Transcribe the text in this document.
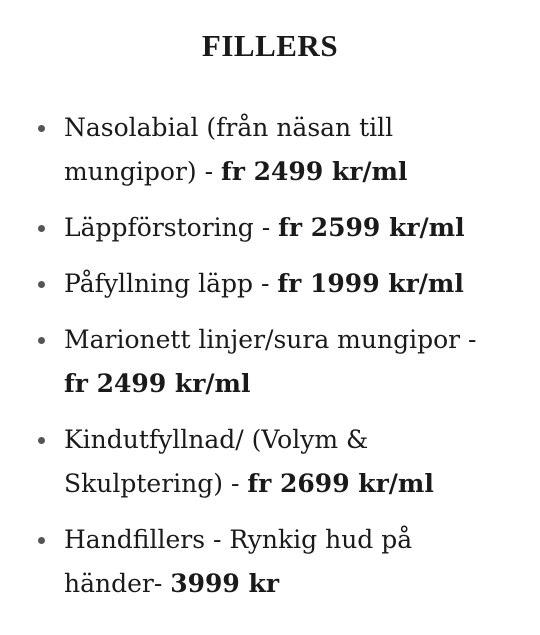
FILLERS
Nasolabial (från näsan till mungipor) - fr 2499 kr/ml
Läppförstoring - fr 2599 kr/ml
Påfyllning läpp - fr 1999 kr/ml
Marionett linjer/sura mungipor - fr 2499 kr/ml
Kindutfyllnad/ (Volym & Skulptering) - fr 2699 kr/ml
Handfillers - Rynkig hud på händer- 3999 kr
